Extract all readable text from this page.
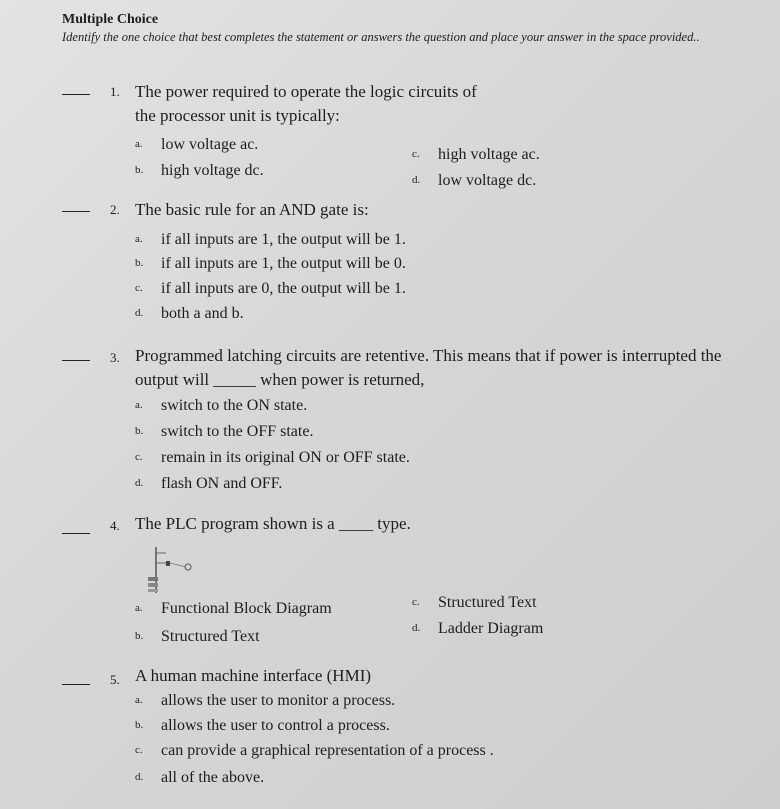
Multiple Choice
Identify the one choice that best completes the statement or answers the question and place your answer in the space provided..
1. The power required to operate the logic circuits of the processor unit is typically:
a. low voltage ac.
b. high voltage dc.
c. high voltage ac.
d. low voltage dc.
2. The basic rule for an AND gate is:
a. if all inputs are 1, the output will be 1.
b. if all inputs are 1, the output will be 0.
c. if all inputs are 0, the output will be 1.
d. both a and b.
3. Programmed latching circuits are retentive. This means that if power is interrupted the output will _____ when power is returned,
a. switch to the ON state.
b. switch to the OFF state.
c. remain in its original ON or OFF state.
d. flash ON and OFF.
4. The PLC program shown is a ____ type.
a. Functional Block Diagram
b. Structured Text
c. Structured Text
d. Ladder Diagram
5. A human machine interface (HMI)
a. allows the user to monitor a process.
b. allows the user to control a process.
c. can provide a graphical representation of a process .
d. all of the above.
